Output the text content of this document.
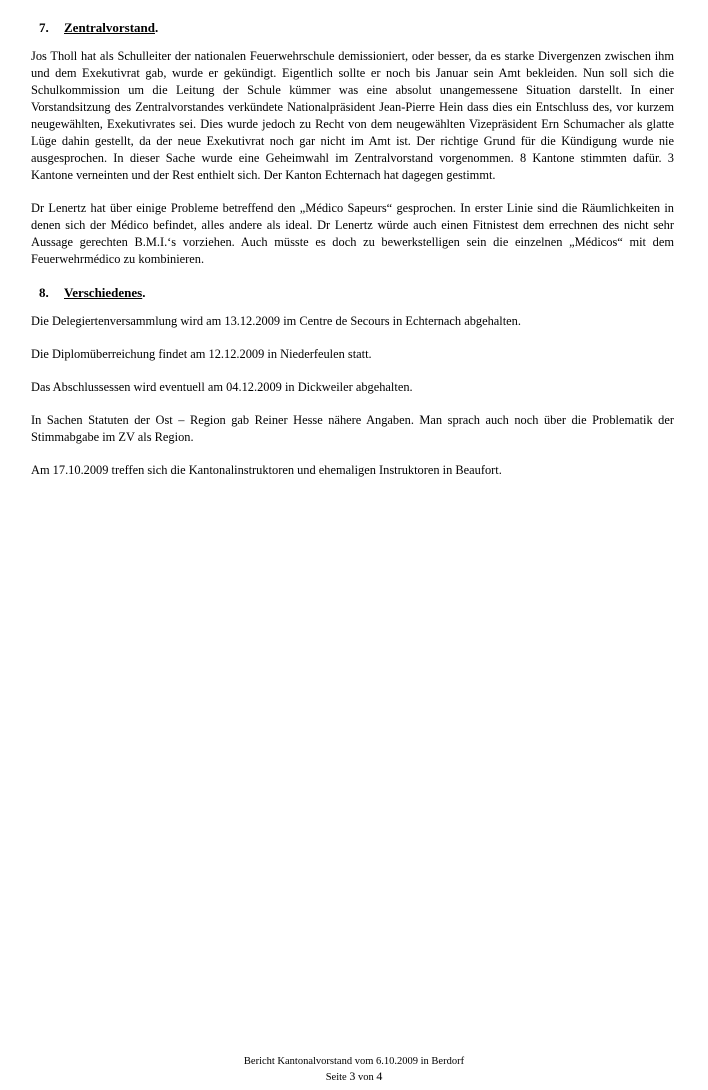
7. Zentralvorstand.

Jos Tholl hat als Schulleiter der nationalen Feuerwehrschule demissioniert, oder besser, da es starke Divergenzen zwischen ihm und dem Exekutivrat gab, wurde er gekündigt. Eigentlich sollte er noch bis Januar sein Amt bekleiden. Nun soll sich die Schulkommission um die Leitung der Schule kümmer was eine absolut unangemessene Situation darstellt. In einer Vorstandsitzung des Zentralvorstandes verkündete Nationalpräsident Jean-Pierre Hein dass dies ein Entschluss des, vor kurzem neugewählten, Exekutivrates sei. Dies wurde jedoch zu Recht von dem neugewählten Vizepräsident Ern Schumacher als glatte Lüge dahin gestellt, da der neue Exekutivrat noch gar nicht im Amt ist. Der richtige Grund für die Kündigung wurde nie ausgesprochen. In dieser Sache wurde eine Geheimwahl im Zentralvorstand vorgenommen. 8 Kantone stimmten dafür. 3 Kantone verneinten und der Rest enthielt sich. Der Kanton Echternach hat dagegen gestimmt.

Dr Lenertz hat über einige Probleme betreffend den „Médico Sapeurs“ gesprochen. In erster Linie sind die Räumlichkeiten in denen sich der Médico befindet, alles andere als ideal. Dr Lenertz würde auch einen Fitnistest dem errechnen des nicht sehr Aussage gerechten B.M.I.‘s vorziehen. Auch müsste es doch zu bewerkstelligen sein die einzelnen „Médicos“ mit dem Feuerwehrmédico zu kombinieren.

8. Verschiedenes.

Die Delegiertenversammlung wird am 13.12.2009 im Centre de Secours in Echternach abgehalten.

Die Diplomüberreichung findet am 12.12.2009 in Niederfeulen statt.

Das Abschlussessen wird eventuell am 04.12.2009 in Dickweiler abgehalten.

In Sachen Statuten der Ost – Region gab Reiner Hesse nähere Angaben. Man sprach auch noch über die Problematik der Stimmabgabe im ZV als Region.

Am 17.10.2009 treffen sich die Kantonalinstruktoren und ehemaligen Instruktoren in Beaufort.

Bericht Kantonalvorstand vom 6.10.2009 in Berdorf
Seite 3 von 4
